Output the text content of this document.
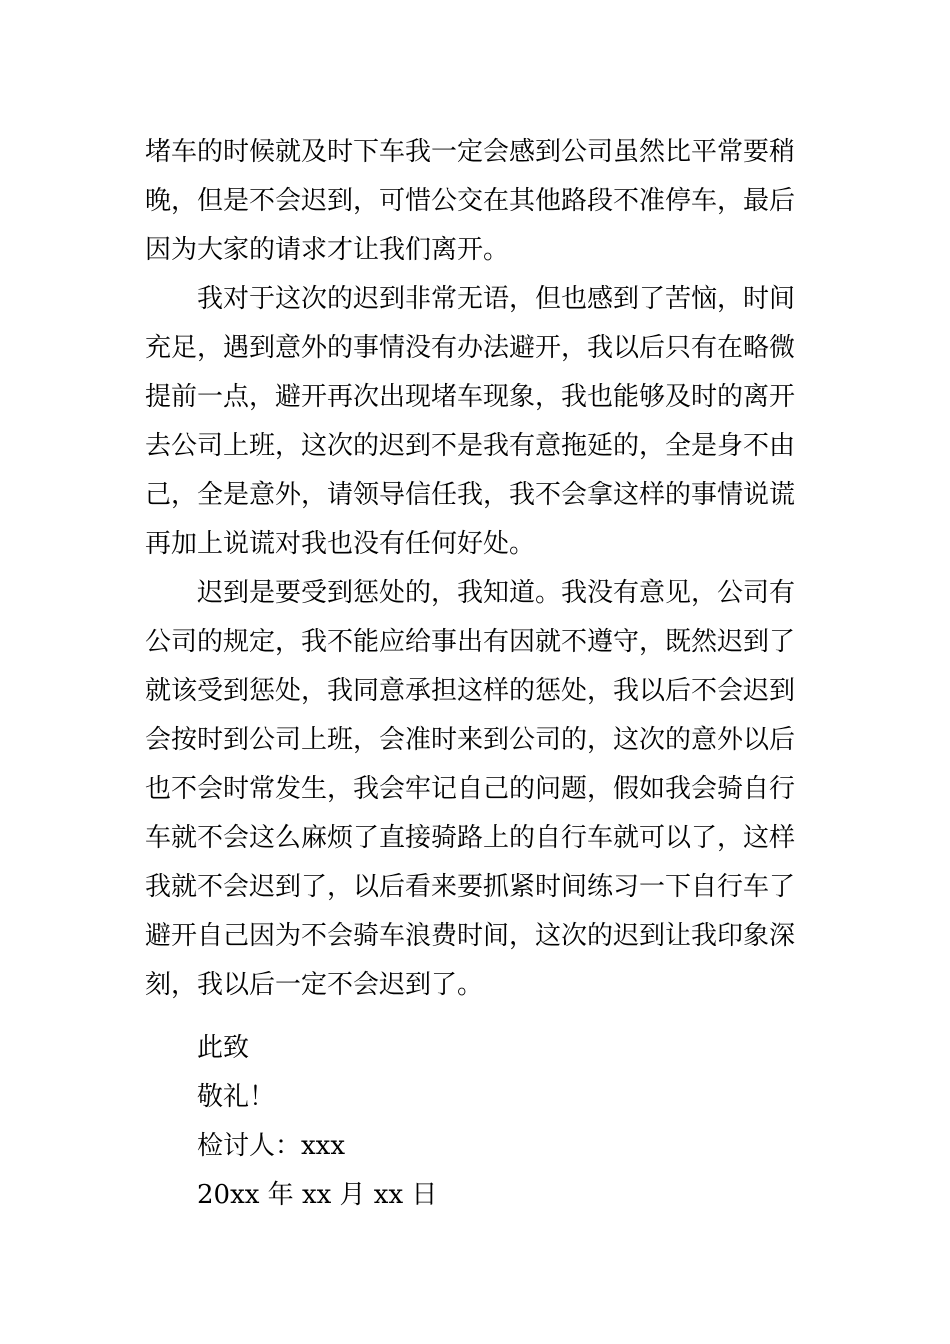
堵车的时候就及时下车我一定会感到公司虽然比平常要稍
晚，但是不会迟到，可惜公交在其他路段不准停车，最后
因为大家的请求才让我们离开。
我对于这次的迟到非常无语，但也感到了苦恼，时间
充足，遇到意外的事情没有办法避开，我以后只有在略微
提前一点，避开再次出现堵车现象，我也能够及时的离开
去公司上班，这次的迟到不是我有意拖延的，全是身不由
己，全是意外，请领导信任我，我不会拿这样的事情说谎
再加上说谎对我也没有任何好处。
迟到是要受到惩处的，我知道。我没有意见，公司有
公司的规定，我不能应给事出有因就不遵守，既然迟到了
就该受到惩处，我同意承担这样的惩处，我以后不会迟到
会按时到公司上班，会准时来到公司的，这次的意外以后
也不会时常发生，我会牢记自己的问题，假如我会骑自行
车就不会这么麻烦了直接骑路上的自行车就可以了，这样
我就不会迟到了，以后看来要抓紧时间练习一下自行车了
避开自己因为不会骑车浪费时间，这次的迟到让我印象深
刻，我以后一定不会迟到了。
此致
敬礼！
检讨人：xxx
20xx 年 xx 月 xx 日
